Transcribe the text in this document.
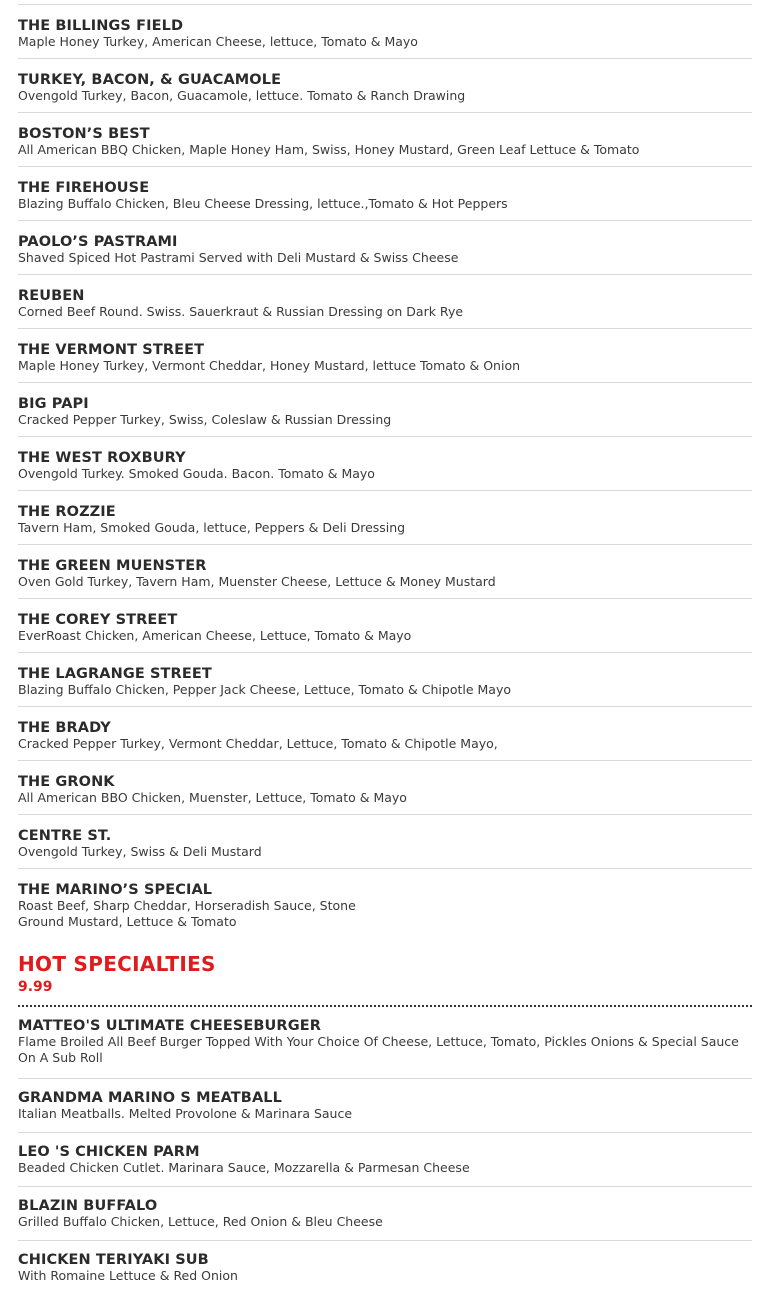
THE BILLINGS FIELD
Maple Honey Turkey, American Cheese, lettuce, Tomato & Mayo
TURKEY, BACON, & GUACAMOLE
Ovengold Turkey, Bacon, Guacamole, lettuce. Tomato & Ranch Drawing
BOSTON’S BEST
All American BBQ Chicken, Maple Honey Ham, Swiss, Honey Mustard, Green Leaf Lettuce & Tomato
THE FIREHOUSE
Blazing Buffalo Chicken, Bleu Cheese Dressing, lettuce.,Tomato & Hot Peppers
PAOLO’S PASTRAMI
Shaved Spiced Hot Pastrami Served with Deli Mustard & Swiss Cheese
REUBEN
Corned Beef Round. Swiss. Sauerkraut & Russian Dressing on Dark Rye
THE VERMONT STREET
Maple Honey Turkey, Vermont Cheddar, Honey Mustard, lettuce Tomato & Onion
BIG PAPI
Cracked Pepper Turkey, Swiss, Coleslaw & Russian Dressing
THE WEST ROXBURY
Ovengold Turkey. Smoked Gouda. Bacon. Tomato & Mayo
THE ROZZIE
Tavern Ham, Smoked Gouda, lettuce, Peppers & Deli Dressing
THE GREEN MUENSTER
Oven Gold Turkey, Tavern Ham, Muenster Cheese, Lettuce & Money Mustard
THE COREY STREET
EverRoast Chicken, American Cheese, Lettuce, Tomato & Mayo
THE LAGRANGE STREET
Blazing Buffalo Chicken, Pepper Jack Cheese, Lettuce, Tomato & Chipotle Mayo
THE BRADY
Cracked Pepper Turkey, Vermont Cheddar, Lettuce, Tomato & Chipotle Mayo,
THE GRONK
All American BBO Chicken, Muenster, Lettuce, Tomato & Mayo
CENTRE ST.
Ovengold Turkey, Swiss & Deli Mustard
THE MARINO’S SPECIAL
Roast Beef, Sharp Cheddar, Horseradish Sauce, Stone Ground Mustard, Lettuce & Tomato
HOT SPECIALTIES
9.99
MATTEO'S ULTIMATE CHEESEBURGER
Flame Broiled All Beef Burger Topped With Your Choice Of Cheese, Lettuce, Tomato, Pickles Onions & Special Sauce On A Sub Roll
GRANDMA MARINO S MEATBALL
Italian Meatballs. Melted Provolone & Marinara Sauce
LEO 'S CHICKEN PARM
Beaded Chicken Cutlet. Marinara Sauce, Mozzarella & Parmesan Cheese
BLAZIN BUFFALO
Grilled Buffalo Chicken, Lettuce, Red Onion & Bleu Cheese
CHICKEN TERIYAKI SUB
With Romaine Lettuce & Red Onion
